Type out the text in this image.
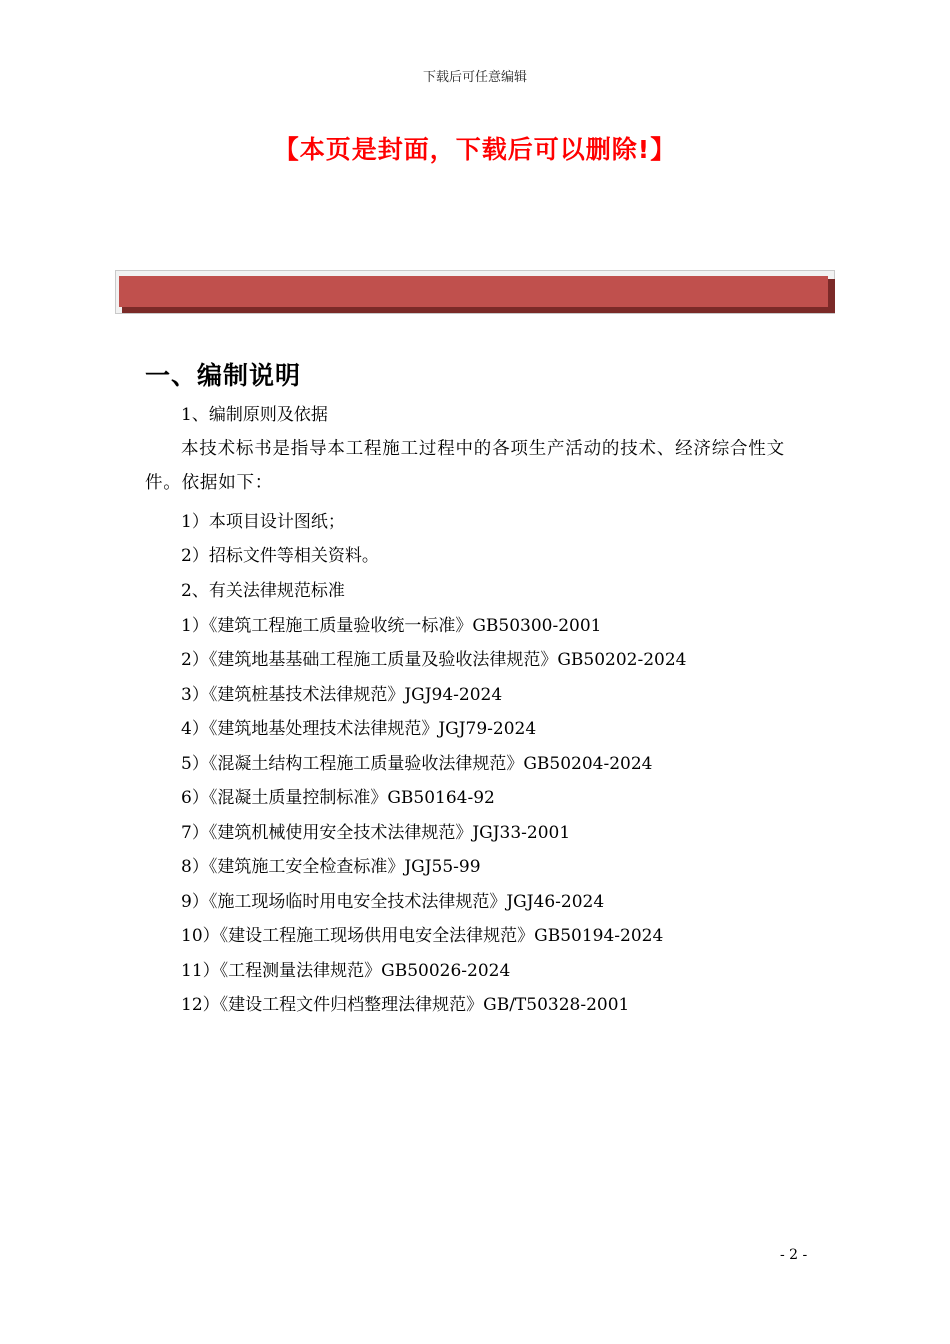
下载后可任意编辑
【本页是封面，下载后可以删除!】
一、编制说明
1、编制原则及依据
本技术标书是指导本工程施工过程中的各项生产活动的技术、经济综合性文件。依据如下：
1）本项目设计图纸；
2）招标文件等相关资料。
2、有关法律规范标准
1）《建筑工程施工质量验收统一标准》GB50300-2001
2）《建筑地基基础工程施工质量及验收法律规范》GB50202-2024
3）《建筑桩基技术法律规范》JGJ94-2024
4）《建筑地基处理技术法律规范》JGJ79-2024
5）《混凝土结构工程施工质量验收法律规范》GB50204-2024
6）《混凝土质量控制标准》GB50164-92
7）《建筑机械使用安全技术法律规范》JGJ33-2001
8）《建筑施工安全检查标准》JGJ55-99
9）《施工现场临时用电安全技术法律规范》JGJ46-2024
10）《建设工程施工现场供用电安全法律规范》GB50194-2024
11）《工程测量法律规范》GB50026-2024
12）《建设工程文件归档整理法律规范》GB/T50328-2001
- 2 -
